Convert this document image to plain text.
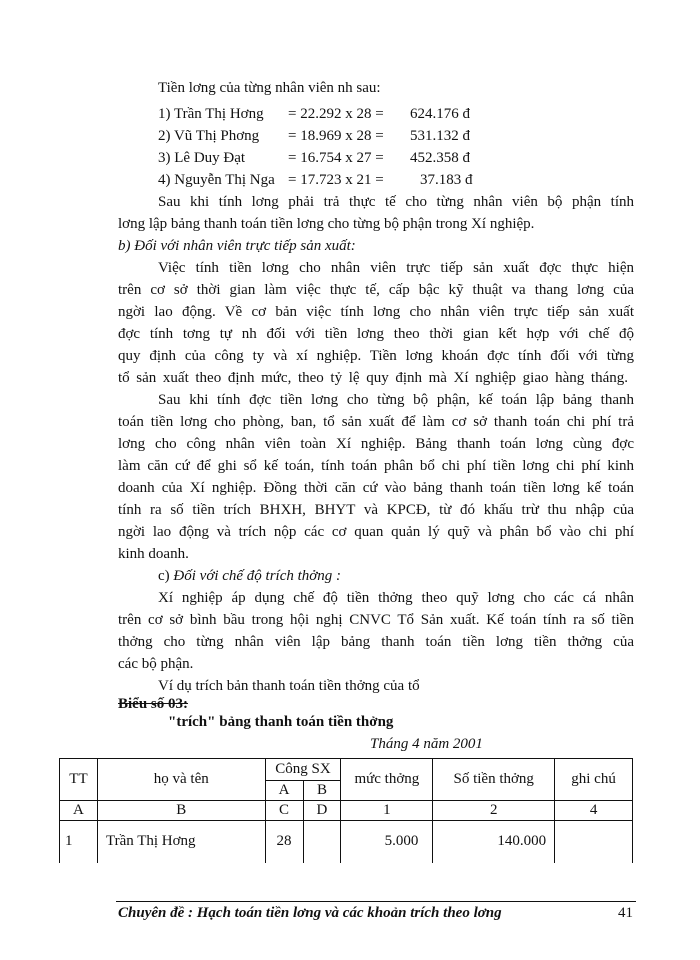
Tiền lơng của từng nhân viên nh sau:
1) Trần Thị Hơng = 22.292 x 28 = 624.176 đ
2) Vũ Thị Phơng = 18.969 x 28 = 531.132 đ
3) Lê Duy Đạt	= 16.754 x 27 = 452.358 đ
4) Nguyễn Thị Nga = 17.723 x 21 = 37.183 đ
Sau khi tính lơng phải trả thực tế cho từng nhân viên bộ phận tính
lơng lập bảng thanh toán tiền lơng cho từng bộ phận trong Xí nghiệp.
b) Đối với nhân viên trực tiếp sản xuất:
Việc tính tiền lơng cho nhân viên trực tiếp sản xuất đợc thực hiện
trên cơ sở thời gian làm việc thực tế, cấp bậc kỹ thuật va thang lơng của
ngời lao động. Về cơ bản việc tính lơng cho nhân viên trực tiếp sản xuất
đợc tính tơng tự nh đối với tiền lơng theo thời gian kết hợp với chế độ
quy định của công ty và xí nghiệp. Tiền lơng khoán đợc tính đối với từng
tổ sản xuất theo định mức, theo tỷ lệ quy định mà Xí nghiệp giao hàng tháng.
Sau khi tính đợc tiền lơng cho từng bộ phận, kế toán lập bảng thanh
toán tiền lơng cho phòng, ban, tổ sản xuất để làm cơ sở thanh toán chi phí trả
lơng cho công nhân viên toàn Xí nghiệp. Bảng thanh toán lơng cùng đợc
làm căn cứ để ghi sổ kế toán, tính toán phân bổ chi phí tiền lơng chi phí kinh
doanh của Xí nghiệp. Đồng thời căn cứ vào bảng thanh toán tiền lơng kế toán
tính ra số tiền trích BHXH, BHYT và KPCĐ, từ đó khấu trừ thu nhập của
ngời lao động và trích nộp các cơ quan quản lý quỹ và phân bổ vào chi phí
kinh doanh.
c) Đối với chế độ trích thởng :
Xí nghiệp áp dụng chế độ tiền thởng theo quỹ lơng cho các cá nhân
trên cơ sở bình bầu trong hội nghị CNVC Tổ Sản xuất. Kế toán tính ra số tiền
thởng cho từng nhân viên lập bảng thanh toán tiền lơng tiền thởng của
các bộ phận.
Ví dụ trích bản thanh toán tiền thởng của tổ
Biểu số 03:
"trích" bảng thanh toán tiền thởng
Tháng 4 năm 2001
TT	họ và tên	Công SX		mức thởng	Số tiền thởng	ghi chú
		A	B			
A	B	C	D	1	2	4
1	Trần Thị Hơng	28		5.000	140.000	
Chuyên đề : Hạch toán tiền lơng và các khoản trích theo lơng	41
